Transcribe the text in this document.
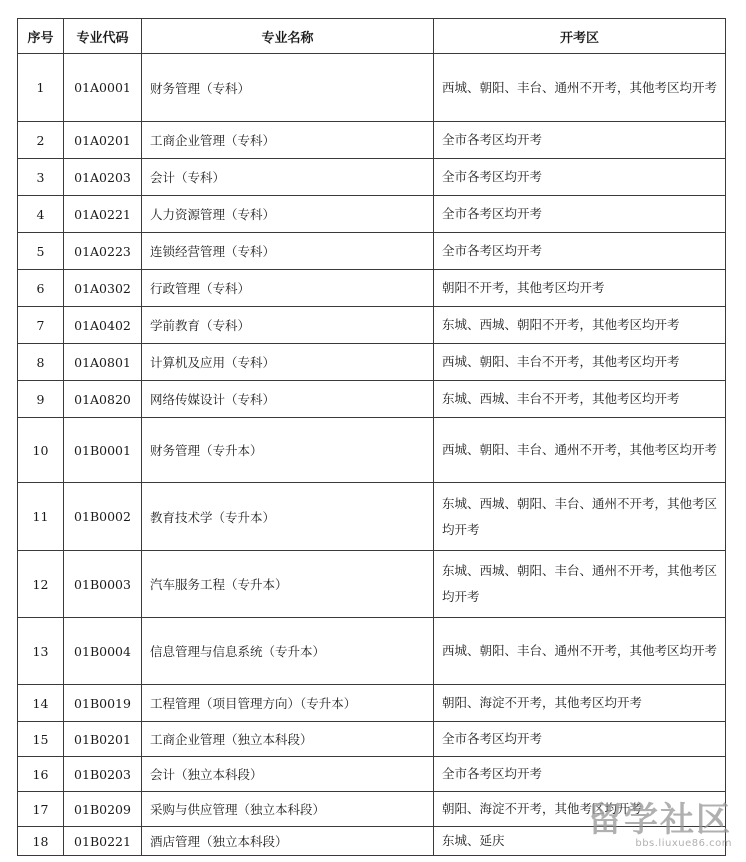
序号	专业代码	专业名称	开考区
1	01A0001	财务管理（专科）	西城、朝阳、丰台、通州不开考，其他考区均开考
2	01A0201	工商企业管理（专科）	全市各考区均开考
3	01A0203	会计（专科）	全市各考区均开考
4	01A0221	人力资源管理（专科）	全市各考区均开考
5	01A0223	连锁经营管理（专科）	全市各考区均开考
6	01A0302	行政管理（专科）	朝阳不开考，其他考区均开考
7	01A0402	学前教育（专科）	东城、西城、朝阳不开考，其他考区均开考
8	01A0801	计算机及应用（专科）	西城、朝阳、丰台不开考，其他考区均开考
9	01A0820	网络传媒设计（专科）	东城、西城、丰台不开考，其他考区均开考
10	01B0001	财务管理（专升本）	西城、朝阳、丰台、通州不开考，其他考区均开考
11	01B0002	教育技术学（专升本）	东城、西城、朝阳、丰台、通州不开考，其他考区均开考
12	01B0003	汽车服务工程（专升本）	东城、西城、朝阳、丰台、通州不开考，其他考区均开考
13	01B0004	信息管理与信息系统（专升本）	西城、朝阳、丰台、通州不开考，其他考区均开考
14	01B0019	工程管理（项目管理方向）（专升本）	朝阳、海淀不开考，其他考区均开考
15	01B0201	工商企业管理（独立本科段）	全市各考区均开考
16	01B0203	会计（独立本科段）	全市各考区均开考
17	01B0209	采购与供应管理（独立本科段）	朝阳、海淀不开考，其他考区均开考
18	01B0221	酒店管理（独立本科段）	东城、延庆
留学社区
bbs.liuxue86.com
